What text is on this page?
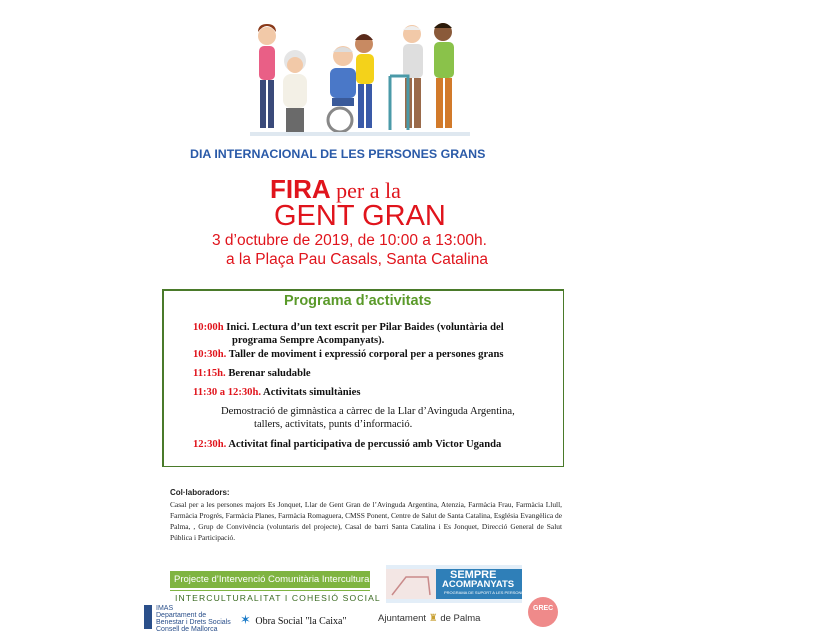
DIA INTERNACIONAL DE LES PERSONES GRANS
FIRA per a la
GENT GRAN
3 d’octubre de 2019, de 10:00 a 13:00h.
a la Plaça Pau Casals, Santa Catalina
Programa d’activitats
10:00h Inici. Lectura d’un text escrit per Pilar Baides (voluntària del
programa Sempre Acompanyats).
10:30h. Taller de moviment i expressió corporal per a persones grans
11:15h. Berenar saludable
11:30 a 12:30h. Activitats simultànies
Demostració de gimnàstica a càrrec de la Llar d’Avinguda Argentina,
tallers, activitats, punts d’informació.
12:30h. Activitat final participativa de percussió amb Victor Uganda
Col·laboradors:
Casal per a les persones majors Es Jonquet, Llar de Gent Gran de l’Avinguda Argentina, Atenzia, Farmàcia Frau, Farmàcia Llull, Farmàcia Progrés, Farmàcia Planes, Farmàcia Romaguera, CMSS Ponent, Centre de Salut de Santa Catalina, Església Evangèlica de Palma, , Grup de Convivència (voluntaris del projecte), Casal de barri Santa Catalina i Es Jonquet, Direcció General de Salut Pública i Participació.
Projecte d’Intervenció Comunitària Intercultural
INTERCULTURALITAT I COHESIÓ SOCIAL
SEMPRE
ACOMPANYATS
PROGRAMA DE SUPORT A LES PERSONES GRANS
GREC
IMAS
Departament de
Benestar i Drets Socials
Consell de Mallorca
✶ Obra Social "la Caixa"	Ajuntament ♜ de Palma
